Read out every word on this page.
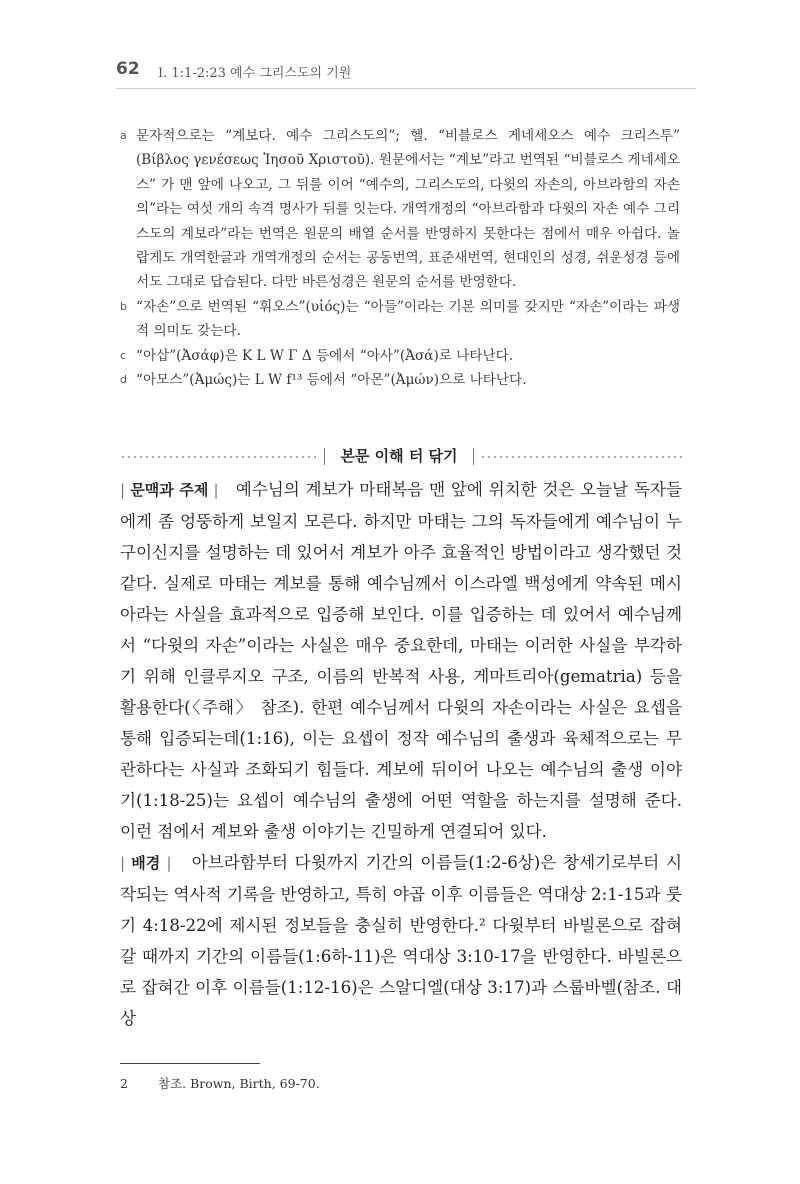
62 I. 1:1-2:23 예수 그리스도의 기원
a 문자적으로는 “계보다. 예수 그리스도의”; 헬. “비블로스 게네세오스 예수 크리스투” (Βίβλος γενέσεως Ἰησοῦ Χριστοῦ). 원문에서는 “계보”라고 번역된 “비블로스 게네세오스” 가 맨 앞에 나오고, 그 뒤를 이어 “예수의, 그리스도의, 다윗의 자손의, 아브라함의 자손 의”라는 여섯 개의 속격 명사가 뒤를 잇는다. 개역개정의 “아브라함과 다윗의 자손 예수 그리스도의 계보라”라는 번역은 원문의 배열 순서를 반영하지 못한다는 점에서 매우 아쉽다. 놀랍게도 개역한글과 개역개정의 순서는 공동번역, 표준새번역, 현대인의 성경, 쉬운성경 등에서도 그대로 답습된다. 다만 바른성경은 원문의 순서를 반영한다.
b “자손”으로 번역된 “휘오스”(υἱός)는 “아들”이라는 기본 의미를 갖지만 “자손”이라는 파생적 의미도 갖는다.
c “아삽”(Ἀσάφ)은 K L W Γ Δ 등에서 “아사”(Ἀσά)로 나타난다.
d “아모스”(Ἀμώς)는 L W f¹³ 등에서 “아몬”(Ἀμών)으로 나타난다.
본문 이해 터 닦기

| 문맥과 주제 | 예수님의 계보가 마태복음 맨 앞에 위치한 것은 오늘날 독자들에게 좀 엉뚱하게 보일지 모른다. 하지만 마태는 그의 독자들에게 예수님이 누구이신지를 설명하는 데 있어서 계보가 아주 효율적인 방법이라고 생각했던 것 같다. 실제로 마태는 계보를 통해 예수님께서 이스라엘 백성에게 약속된 메시아라는 사실을 효과적으로 입증해 보인다. 이를 입증하는 데 있어서 예수님께서 “다윗의 자손”이라는 사실은 매우 중요한데, 마태는 이러한 사실을 부각하기 위해 인클루지오 구조, 이름의 반복적 사용, 게마트리아(gematria) 등을 활용한다(〈주해〉 참조). 한편 예수님께서 다윗의 자손이라는 사실은 요셉을 통해 입증되는데(1:16), 이는 요셉이 정작 예수님의 출생과 육체적으로는 무관하다는 사실과 조화되기 힘들다. 계보에 뒤이어 나오는 예수님의 출생 이야기(1:18-25)는 요셉이 예수님의 출생에 어떤 역할을 하는지를 설명해 준다. 이런 점에서 계보와 출생 이야기는 긴밀하게 연결되어 있다.

| 배경 | 아브라함부터 다윗까지 기간의 이름들(1:2-6상)은 창세기로부터 시작되는 역사적 기록을 반영하고, 특히 야곱 이후 이름들은 역대상 2:1-15과 룻기 4:18-22에 제시된 정보들을 충실히 반영한다.² 다윗부터 바빌론으로 잡혀갈 때까지 기간의 이름들(1:6하-11)은 역대상 3:10-17을 반영한다. 바빌론으로 잡혀간 이후 이름들(1:12-16)은 스알디엘(대상 3:17)과 스룹바벨(참조. 대상

2 참조. Brown, Birth, 69-70.
